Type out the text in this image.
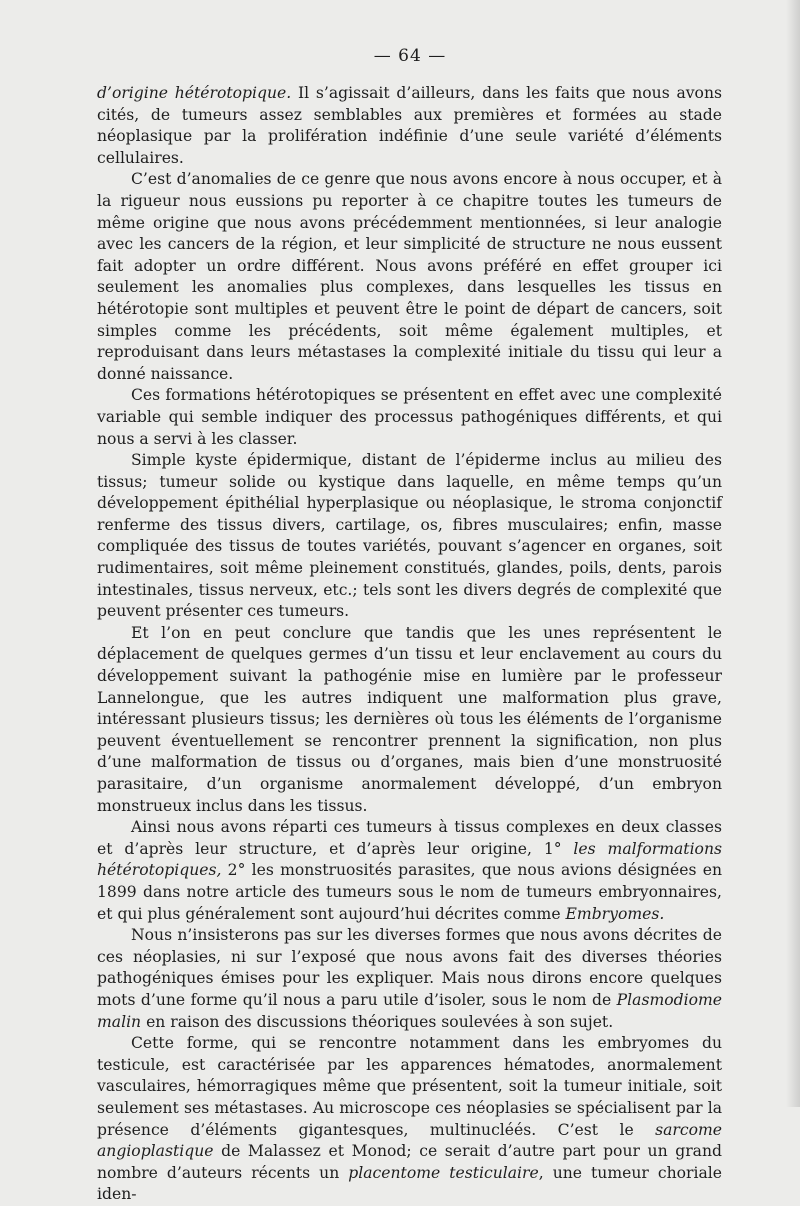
— 64 —

d’origine hétérotopique. Il s’agissait d’ailleurs, dans les faits que nous avons cités, de tumeurs assez semblables aux premières et formées au stade néoplasique par la prolifération indéfinie d’une seule variété d’éléments cellulaires.

C’est d’anomalies de ce genre que nous avons encore à nous occuper, et à la rigueur nous eussions pu reporter à ce chapitre toutes les tumeurs de même origine que nous avons précédemment mentionnées, si leur analogie avec les cancers de la région, et leur simplicité de structure ne nous eussent fait adopter un ordre différent. Nous avons préféré en effet grouper ici seulement les anomalies plus complexes, dans lesquelles les tissus en hétérotopie sont multiples et peuvent être le point de départ de cancers, soit simples comme les précédents, soit même également multiples, et reproduisant dans leurs métastases la complexité initiale du tissu qui leur a donné naissance.

Ces formations hétérotopiques se présentent en effet avec une complexité variable qui semble indiquer des processus pathogéniques différents, et qui nous a servi à les classer.

Simple kyste épidermique, distant de l’épiderme inclus au milieu des tissus; tumeur solide ou kystique dans laquelle, en même temps qu’un développement épithélial hyperplasique ou néoplasique, le stroma conjonctif renferme des tissus divers, cartilage, os, fibres musculaires; enfin, masse compliquée des tissus de toutes variétés, pouvant s’agencer en organes, soit rudimentaires, soit même pleinement constitués, glandes, poils, dents, parois intestinales, tissus nerveux, etc.; tels sont les divers degrés de complexité que peuvent présenter ces tumeurs.

Et l’on en peut conclure que tandis que les unes représentent le déplacement de quelques germes d’un tissu et leur enclavement au cours du développement suivant la pathogénie mise en lumière par le professeur Lannelongue, que les autres indiquent une malformation plus grave, intéressant plusieurs tissus; les dernières où tous les éléments de l’organisme peuvent éventuellement se rencontrer prennent la signification, non plus d’une malformation de tissus ou d’organes, mais bien d’une monstruosité parasitaire, d’un organisme anormalement développé, d’un embryon monstrueux inclus dans les tissus.

Ainsi nous avons réparti ces tumeurs à tissus complexes en deux classes et d’après leur structure, et d’après leur origine, 1° les malformations hétérotopiques, 2° les monstruosités parasites, que nous avions désignées en 1899 dans notre article des tumeurs sous le nom de tumeurs embryonnaires, et qui plus généralement sont aujourd’hui décrites comme Embryomes.

Nous n’insisterons pas sur les diverses formes que nous avons décrites de ces néoplasies, ni sur l’exposé que nous avons fait des diverses théories pathogéniques émises pour les expliquer. Mais nous dirons encore quelques mots d’une forme qu’il nous a paru utile d’isoler, sous le nom de Plasmodiome malin en raison des discussions théoriques soulevées à son sujet.

Cette forme, qui se rencontre notamment dans les embryomes du testicule, est caractérisée par les apparences hématodes, anormalement vasculaires, hémorragiques même que présentent, soit la tumeur initiale, soit seulement ses métastases. Au microscope ces néoplasies se spécialisent par la présence d’éléments gigantesques, multinucléés. C’est le sarcome angioplastique de Malassez et Monod; ce serait d’autre part pour un grand nombre d’auteurs récents un placentome testiculaire, une tumeur choriale iden-
